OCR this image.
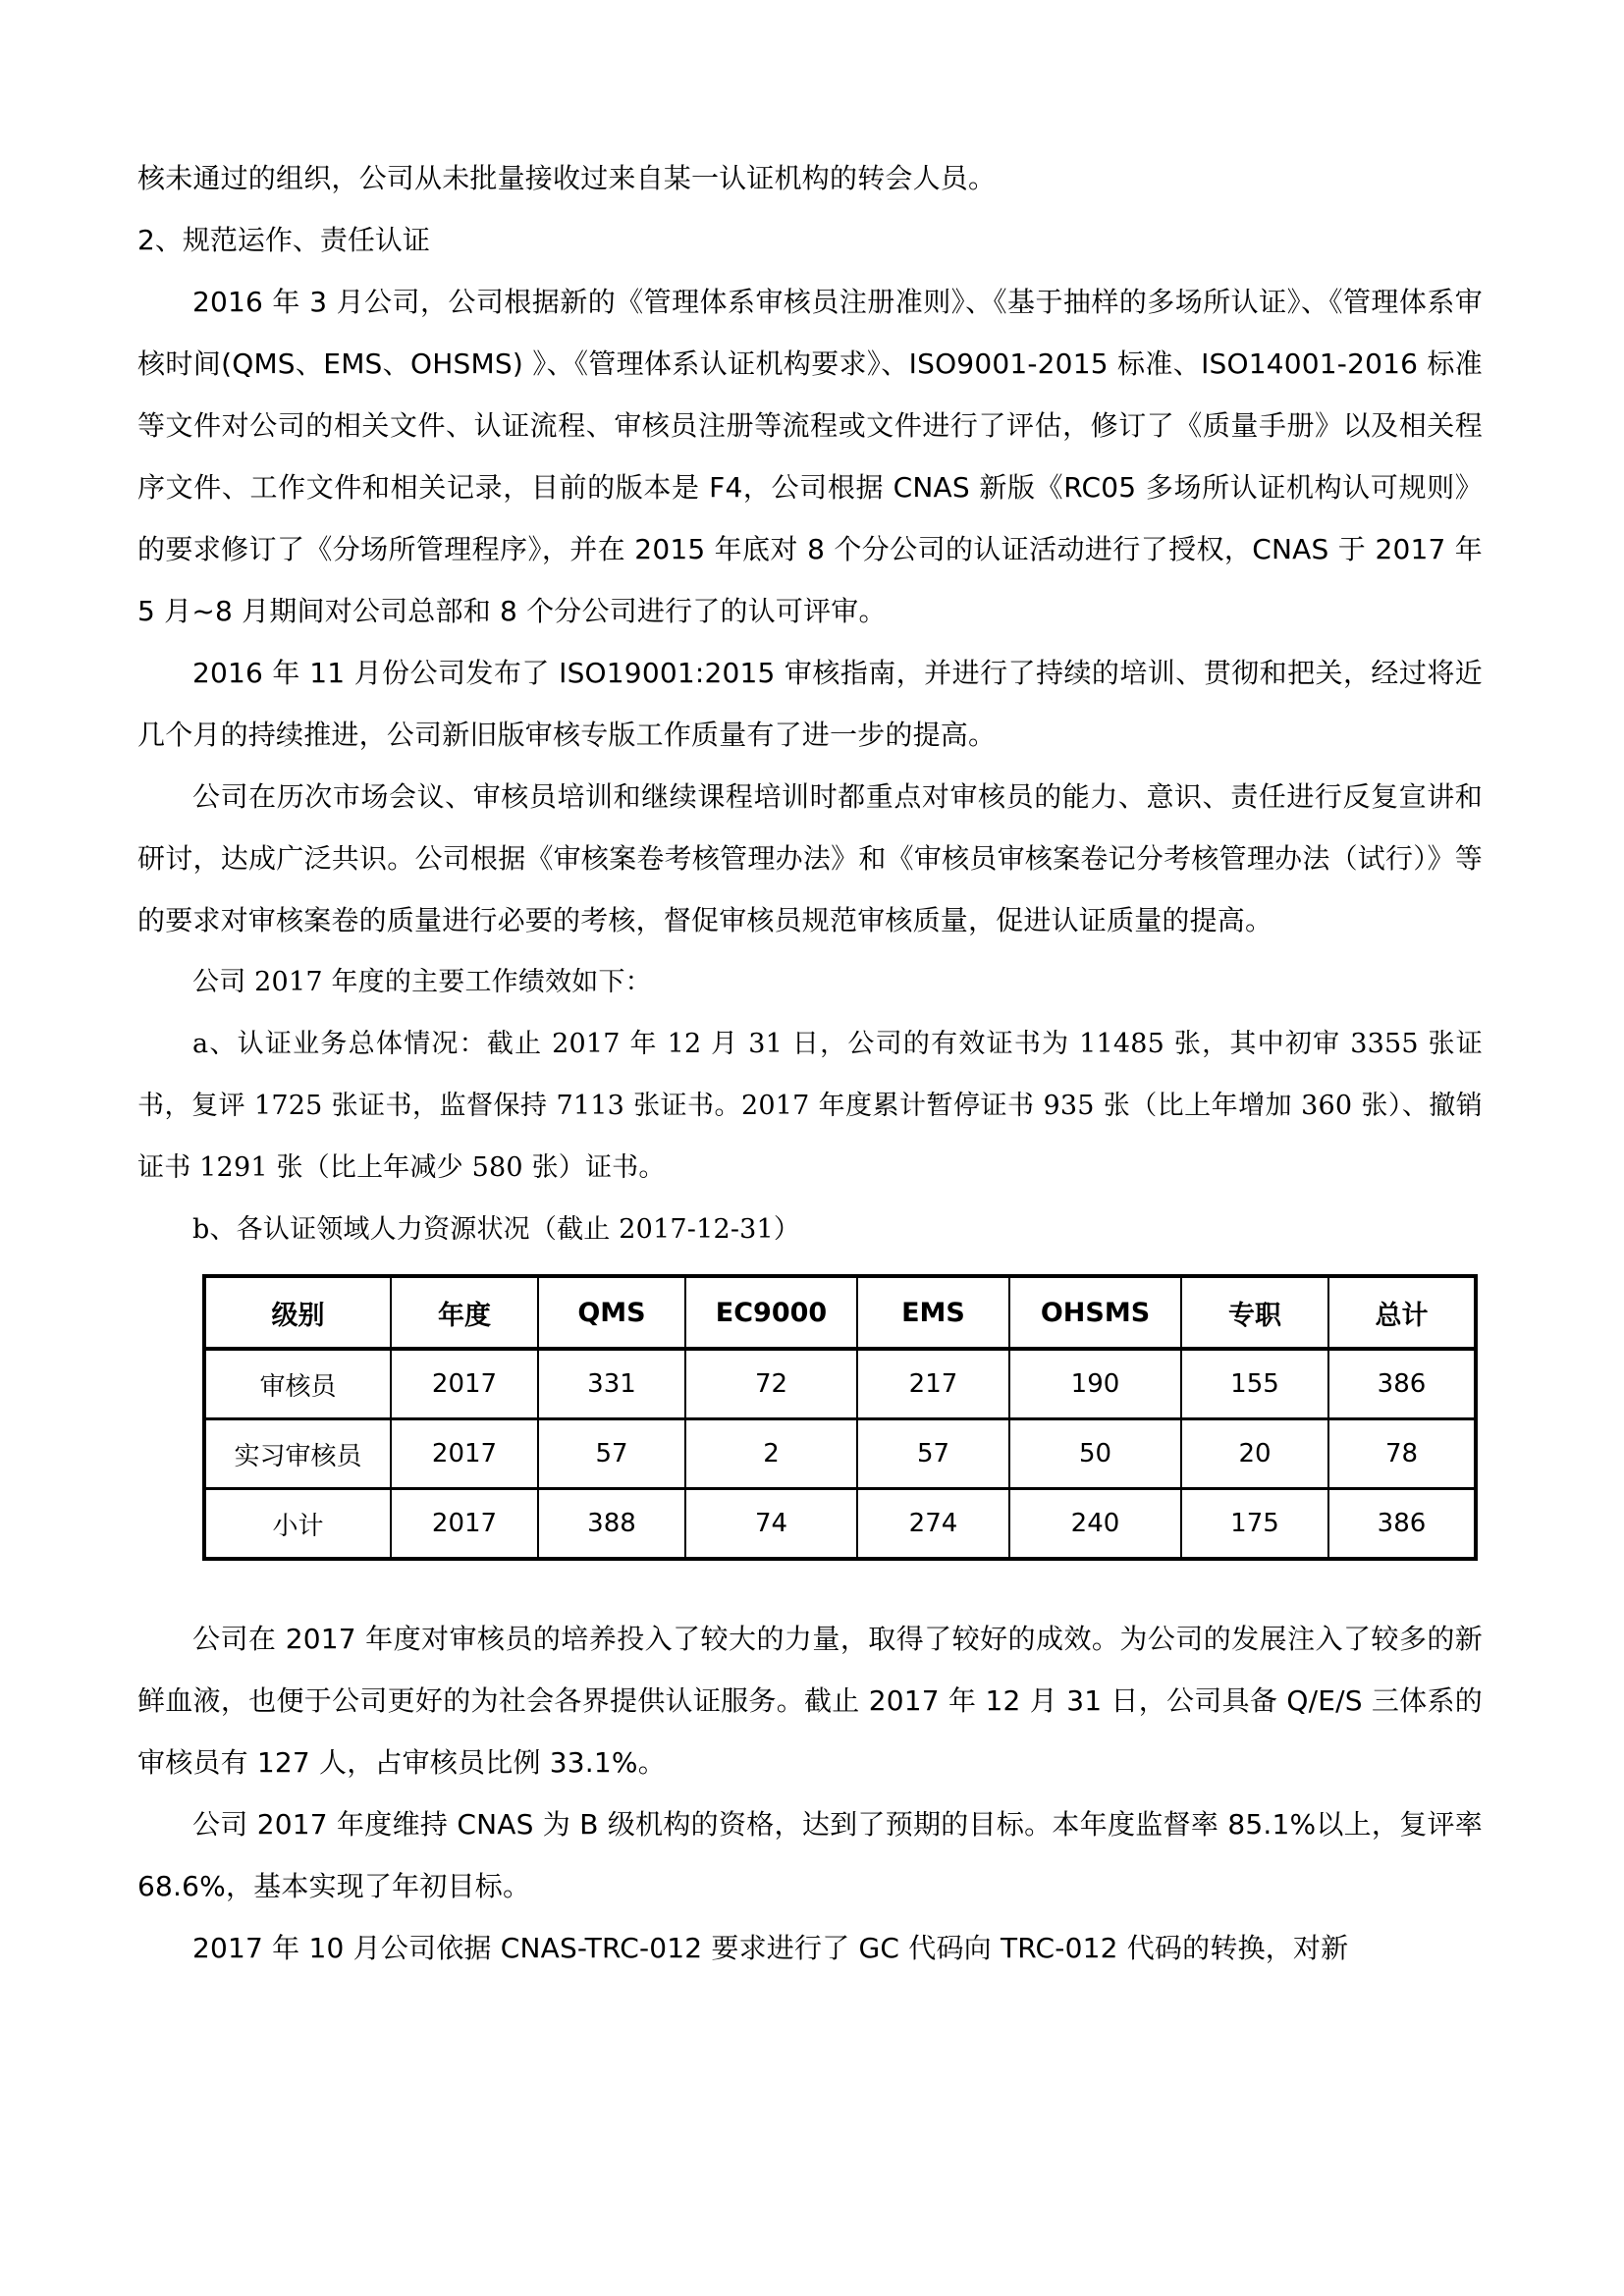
核未通过的组织，公司从未批量接收过来自某一认证机构的转会人员。

2、规范运作、责任认证

2016 年 3 月公司，公司根据新的《管理体系审核员注册准则》、《基于抽样的多场所认证》、《管理体系审核时间(QMS、EMS、OHSMS) 》、《管理体系认证机构要求》、ISO9001-2015 标准、ISO14001-2016 标准等文件对公司的相关文件、认证流程、审核员注册等流程或文件进行了评估，修订了《质量手册》以及相关程序文件、工作文件和相关记录，目前的版本是 F4，公司根据 CNAS 新版《RC05 多场所认证机构认可规则》的要求修订了《分场所管理程序》，并在 2015 年底对 8 个分公司的认证活动进行了授权，CNAS 于 2017 年 5 月~8 月期间对公司总部和 8 个分公司进行了的认可评审。

2016 年 11 月份公司发布了 ISO19001:2015 审核指南，并进行了持续的培训、贯彻和把关，经过将近几个月的持续推进，公司新旧版审核专版工作质量有了进一步的提高。

公司在历次市场会议、审核员培训和继续课程培训时都重点对审核员的能力、意识、责任进行反复宣讲和研讨，达成广泛共识。公司根据《审核案卷考核管理办法》和《审核员审核案卷记分考核管理办法（试行）》等的要求对审核案卷的质量进行必要的考核，督促审核员规范审核质量，促进认证质量的提高。

公司 2017 年度的主要工作绩效如下：

a、认证业务总体情况：截止 2017 年 12 月 31 日，公司的有效证书为 11485 张，其中初审 3355 张证书，复评 1725 张证书，监督保持 7113 张证书。2017 年度累计暂停证书 935 张（比上年增加 360 张）、撤销证书 1291 张（比上年减少 580 张）证书。

b、各认证领域人力资源状况（截止 2017-12-31）

级别	年度	QMS	EC9000	EMS	OHSMS	专职	总计
审核员	2017	331	72	217	190	155	386
实习审核员	2017	57	2	57	50	20	78
小计	2017	388	74	274	240	175	386

公司在 2017 年度对审核员的培养投入了较大的力量，取得了较好的成效。为公司的发展注入了较多的新鲜血液，也便于公司更好的为社会各界提供认证服务。截止 2017 年 12 月 31 日，公司具备 Q/E/S 三体系的审核员有 127 人，占审核员比例 33.1%。

公司 2017 年度维持 CNAS 为 B 级机构的资格，达到了预期的目标。本年度监督率 85.1%以上，复评率 68.6%，基本实现了年初目标。

2017 年 10 月公司依据 CNAS-TRC-012 要求进行了 GC 代码向 TRC-012 代码的转换，对新
